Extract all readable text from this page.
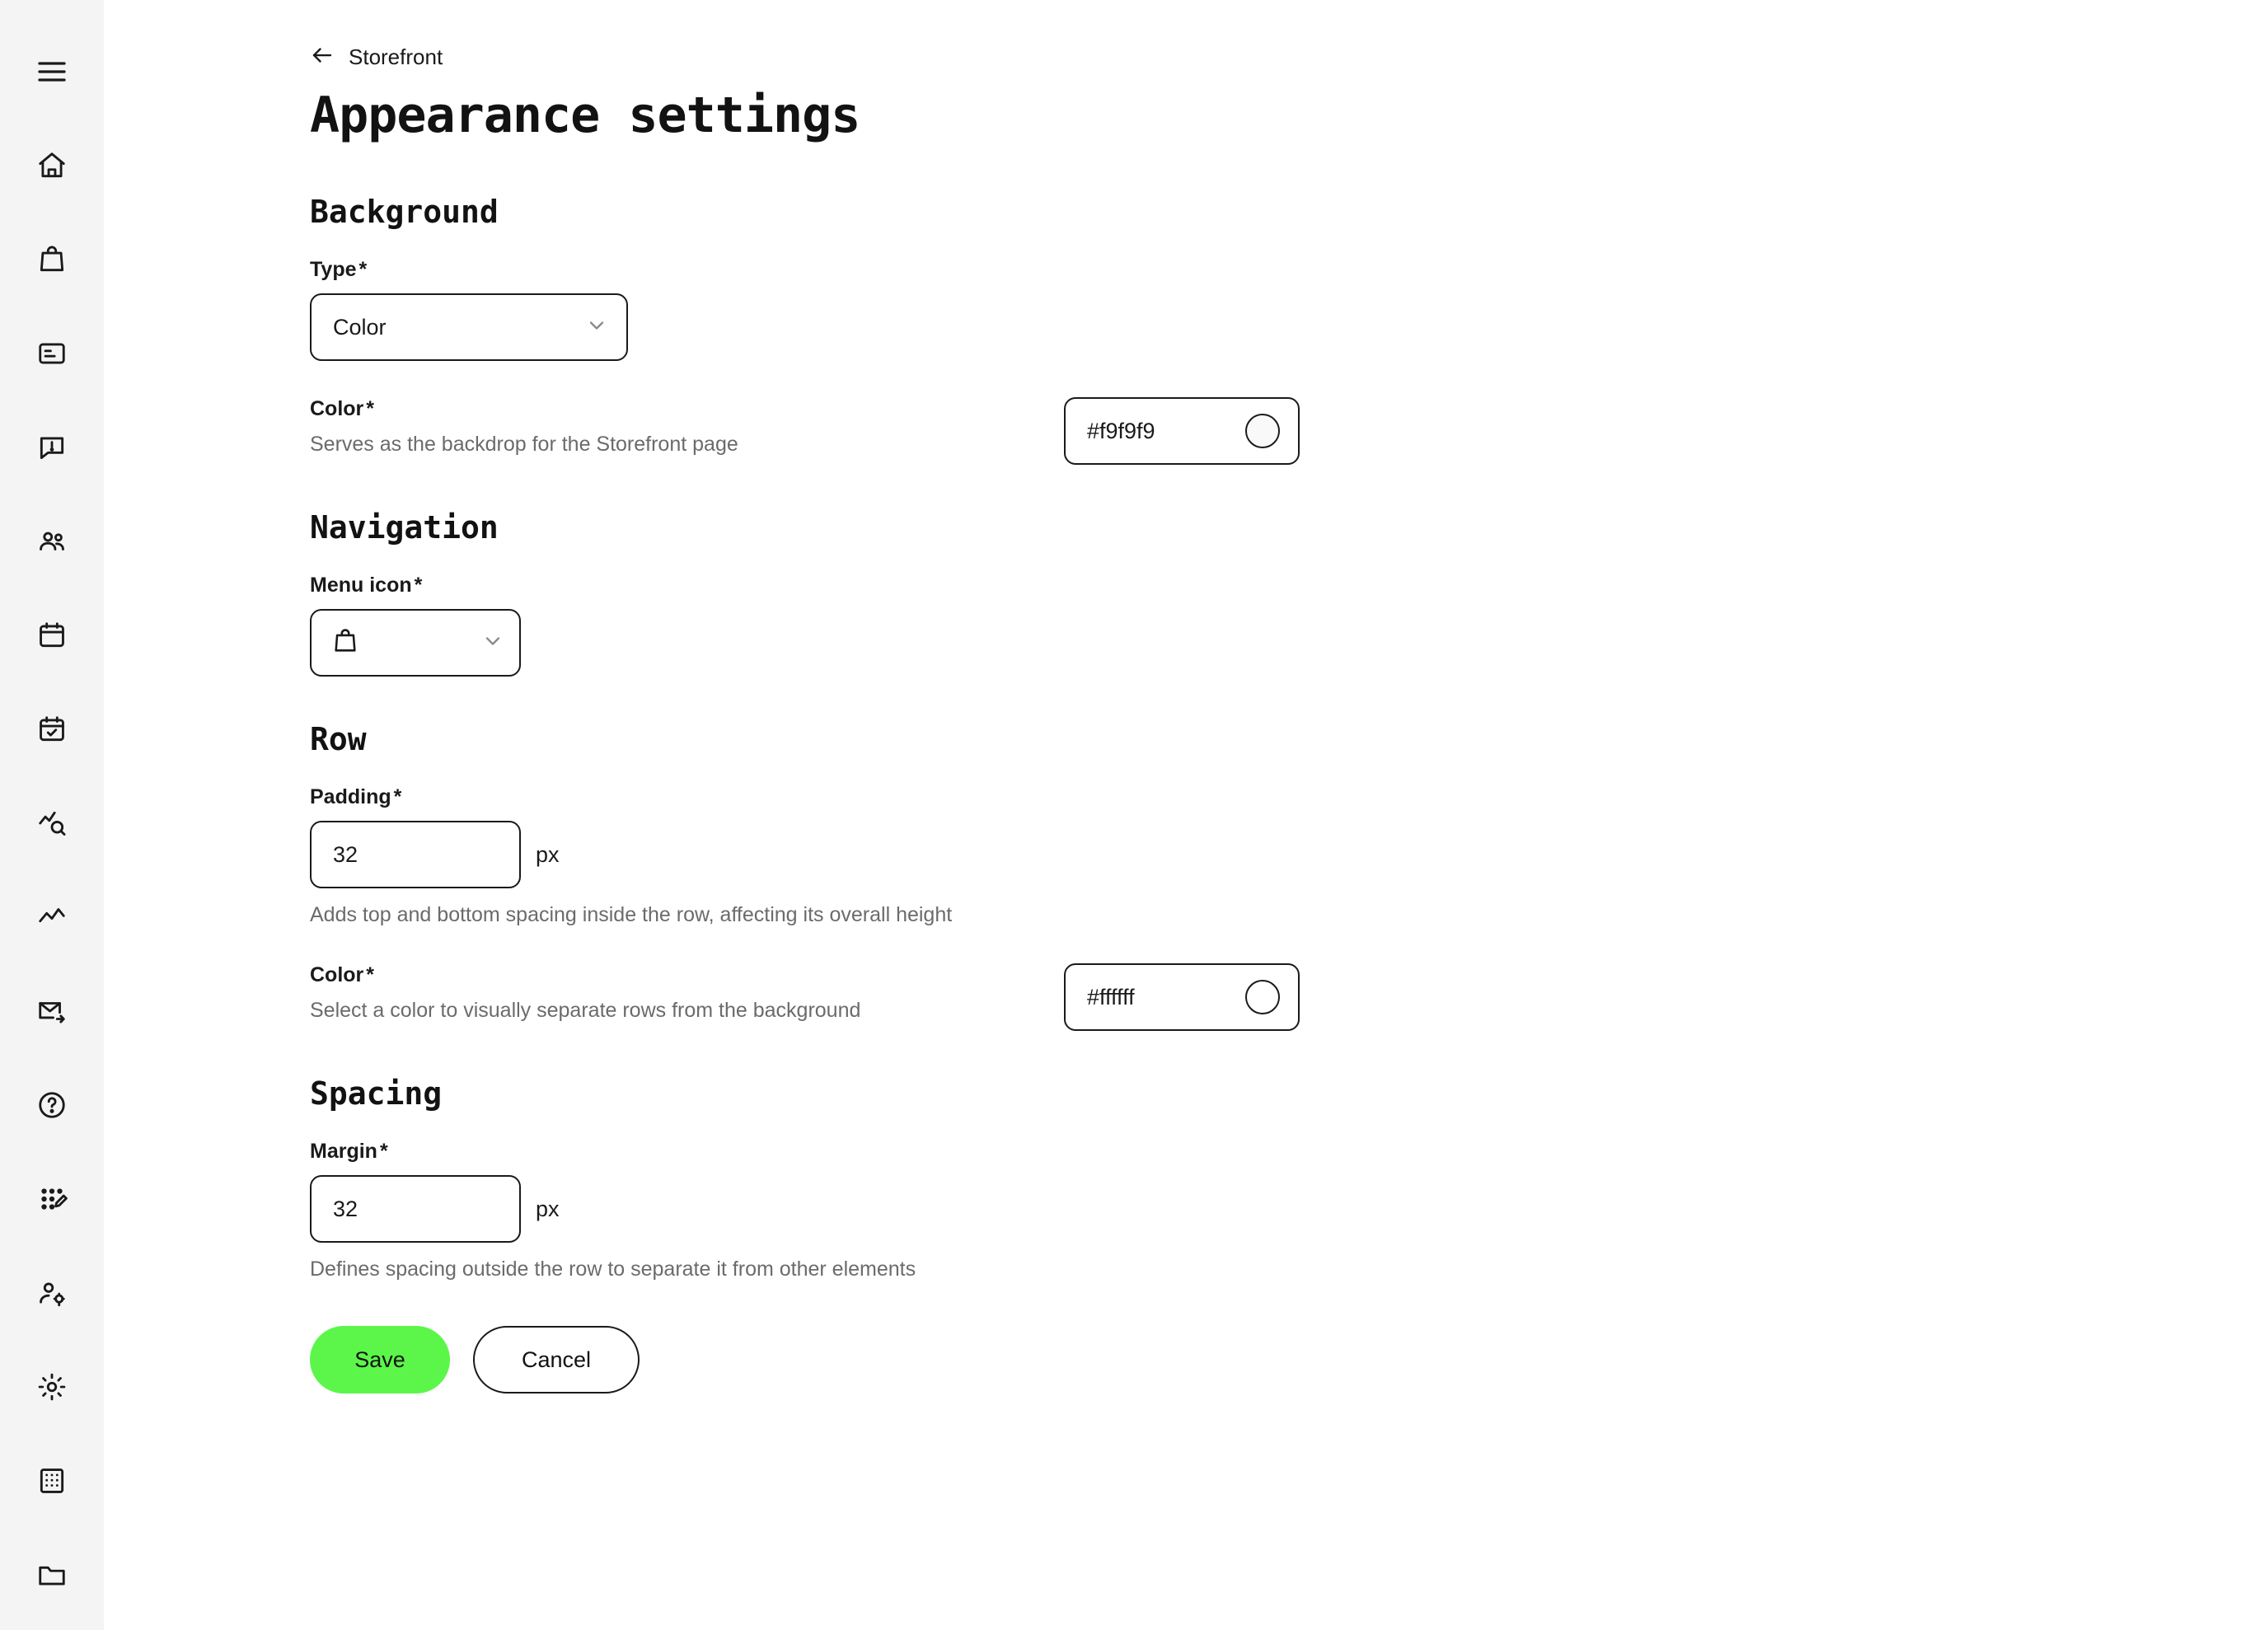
Storefront
Appearance settings
Background
Type *
Color
Color *
Serves as the backdrop for the Storefront page
#f9f9f9
Navigation
Menu icon *
Row
Padding *
32	px
Adds top and bottom spacing inside the row, affecting its overall height
Color *
Select a color to visually separate rows from the background
#ffffff
Spacing
Margin *
32	px
Defines spacing outside the row to separate it from other elements
Save	Cancel
